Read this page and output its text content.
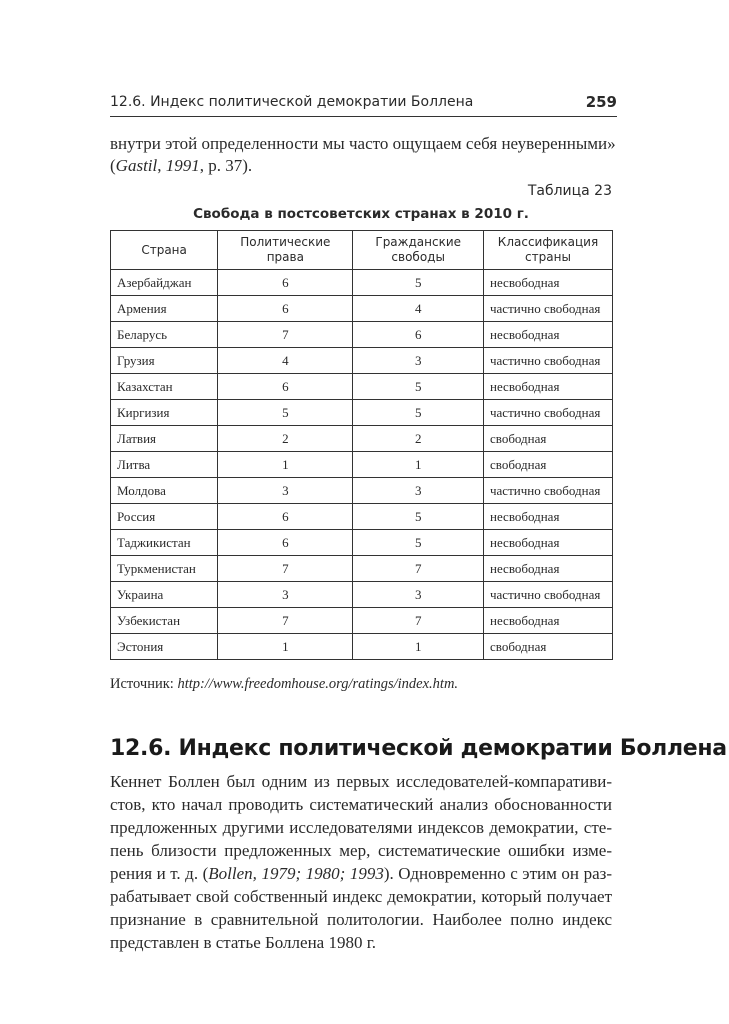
12.6. Индекс политической демократии Боллена	259
внутри этой определенности мы часто ощущаем себя неуверенными»
(Gastil, 1991, р. 37).
Таблица 23
Свобода в постсоветских странах в 2010 г.
Страна	Политические права	Гражданские свободы	Классификация страны
Азербайджан	6	5	несвободная
Армения	6	4	частично свободная
Беларусь	7	6	несвободная
Грузия	4	3	частично свободная
Казахстан	6	5	несвободная
Киргизия	5	5	частично свободная
Латвия	2	2	свободная
Литва	1	1	свободная
Молдова	3	3	частично свободная
Россия	6	5	несвободная
Таджикистан	6	5	несвободная
Туркменистан	7	7	несвободная
Украина	3	3	частично свободная
Узбекистан	7	7	несвободная
Эстония	1	1	свободная
Источник: http://www.freedomhouse.org/ratings/index.htm.
12.6. Индекс политической демократии Боллена
Кеннет Боллен был одним из первых исследователей-компаративи-
стов, кто начал проводить систематический анализ обоснованности
предложенных другими исследователями индексов демократии, сте-
пень близости предложенных мер, систематические ошибки изме-
рения и т. д. (Bollen, 1979; 1980; 1993). Одновременно с этим он раз-
рабатывает свой собственный индекс демократии, который получает
признание в сравнительной политологии. Наиболее полно индекс
представлен в статье Боллена 1980 г.
